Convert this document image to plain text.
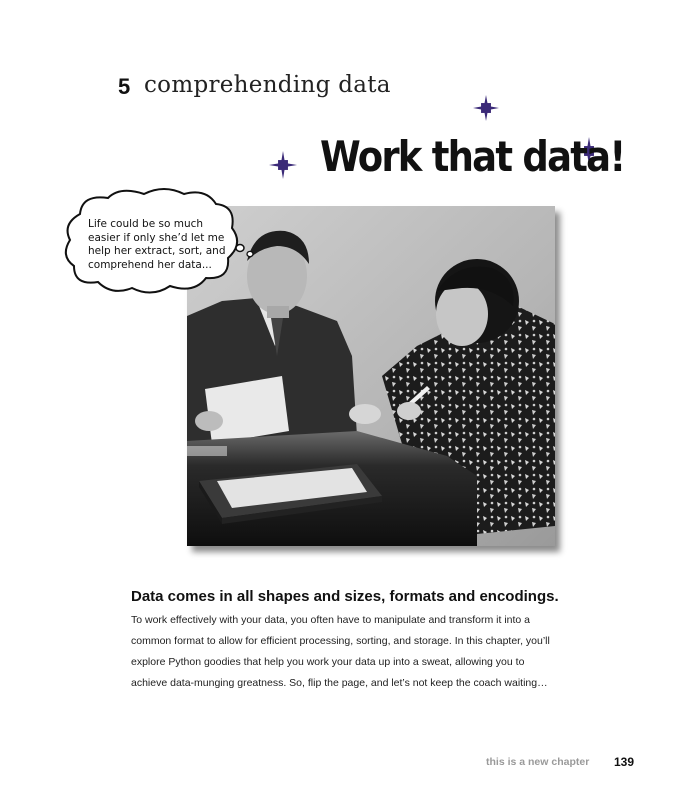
5 comprehending data
Work that data!
Life could be so much
easier if only she’d let me
help her extract, sort, and
comprehend her data...
Data comes in all shapes and sizes, formats and encodings.
To work effectively with your data, you often have to manipulate and transform it into a
common format to allow for efficient processing, sorting, and storage. In this chapter, you’ll
explore Python goodies that help you work your data up into a sweat, allowing you to
achieve data-munging greatness. So, flip the page, and let’s not keep the coach waiting…
this is a new chapter 139
